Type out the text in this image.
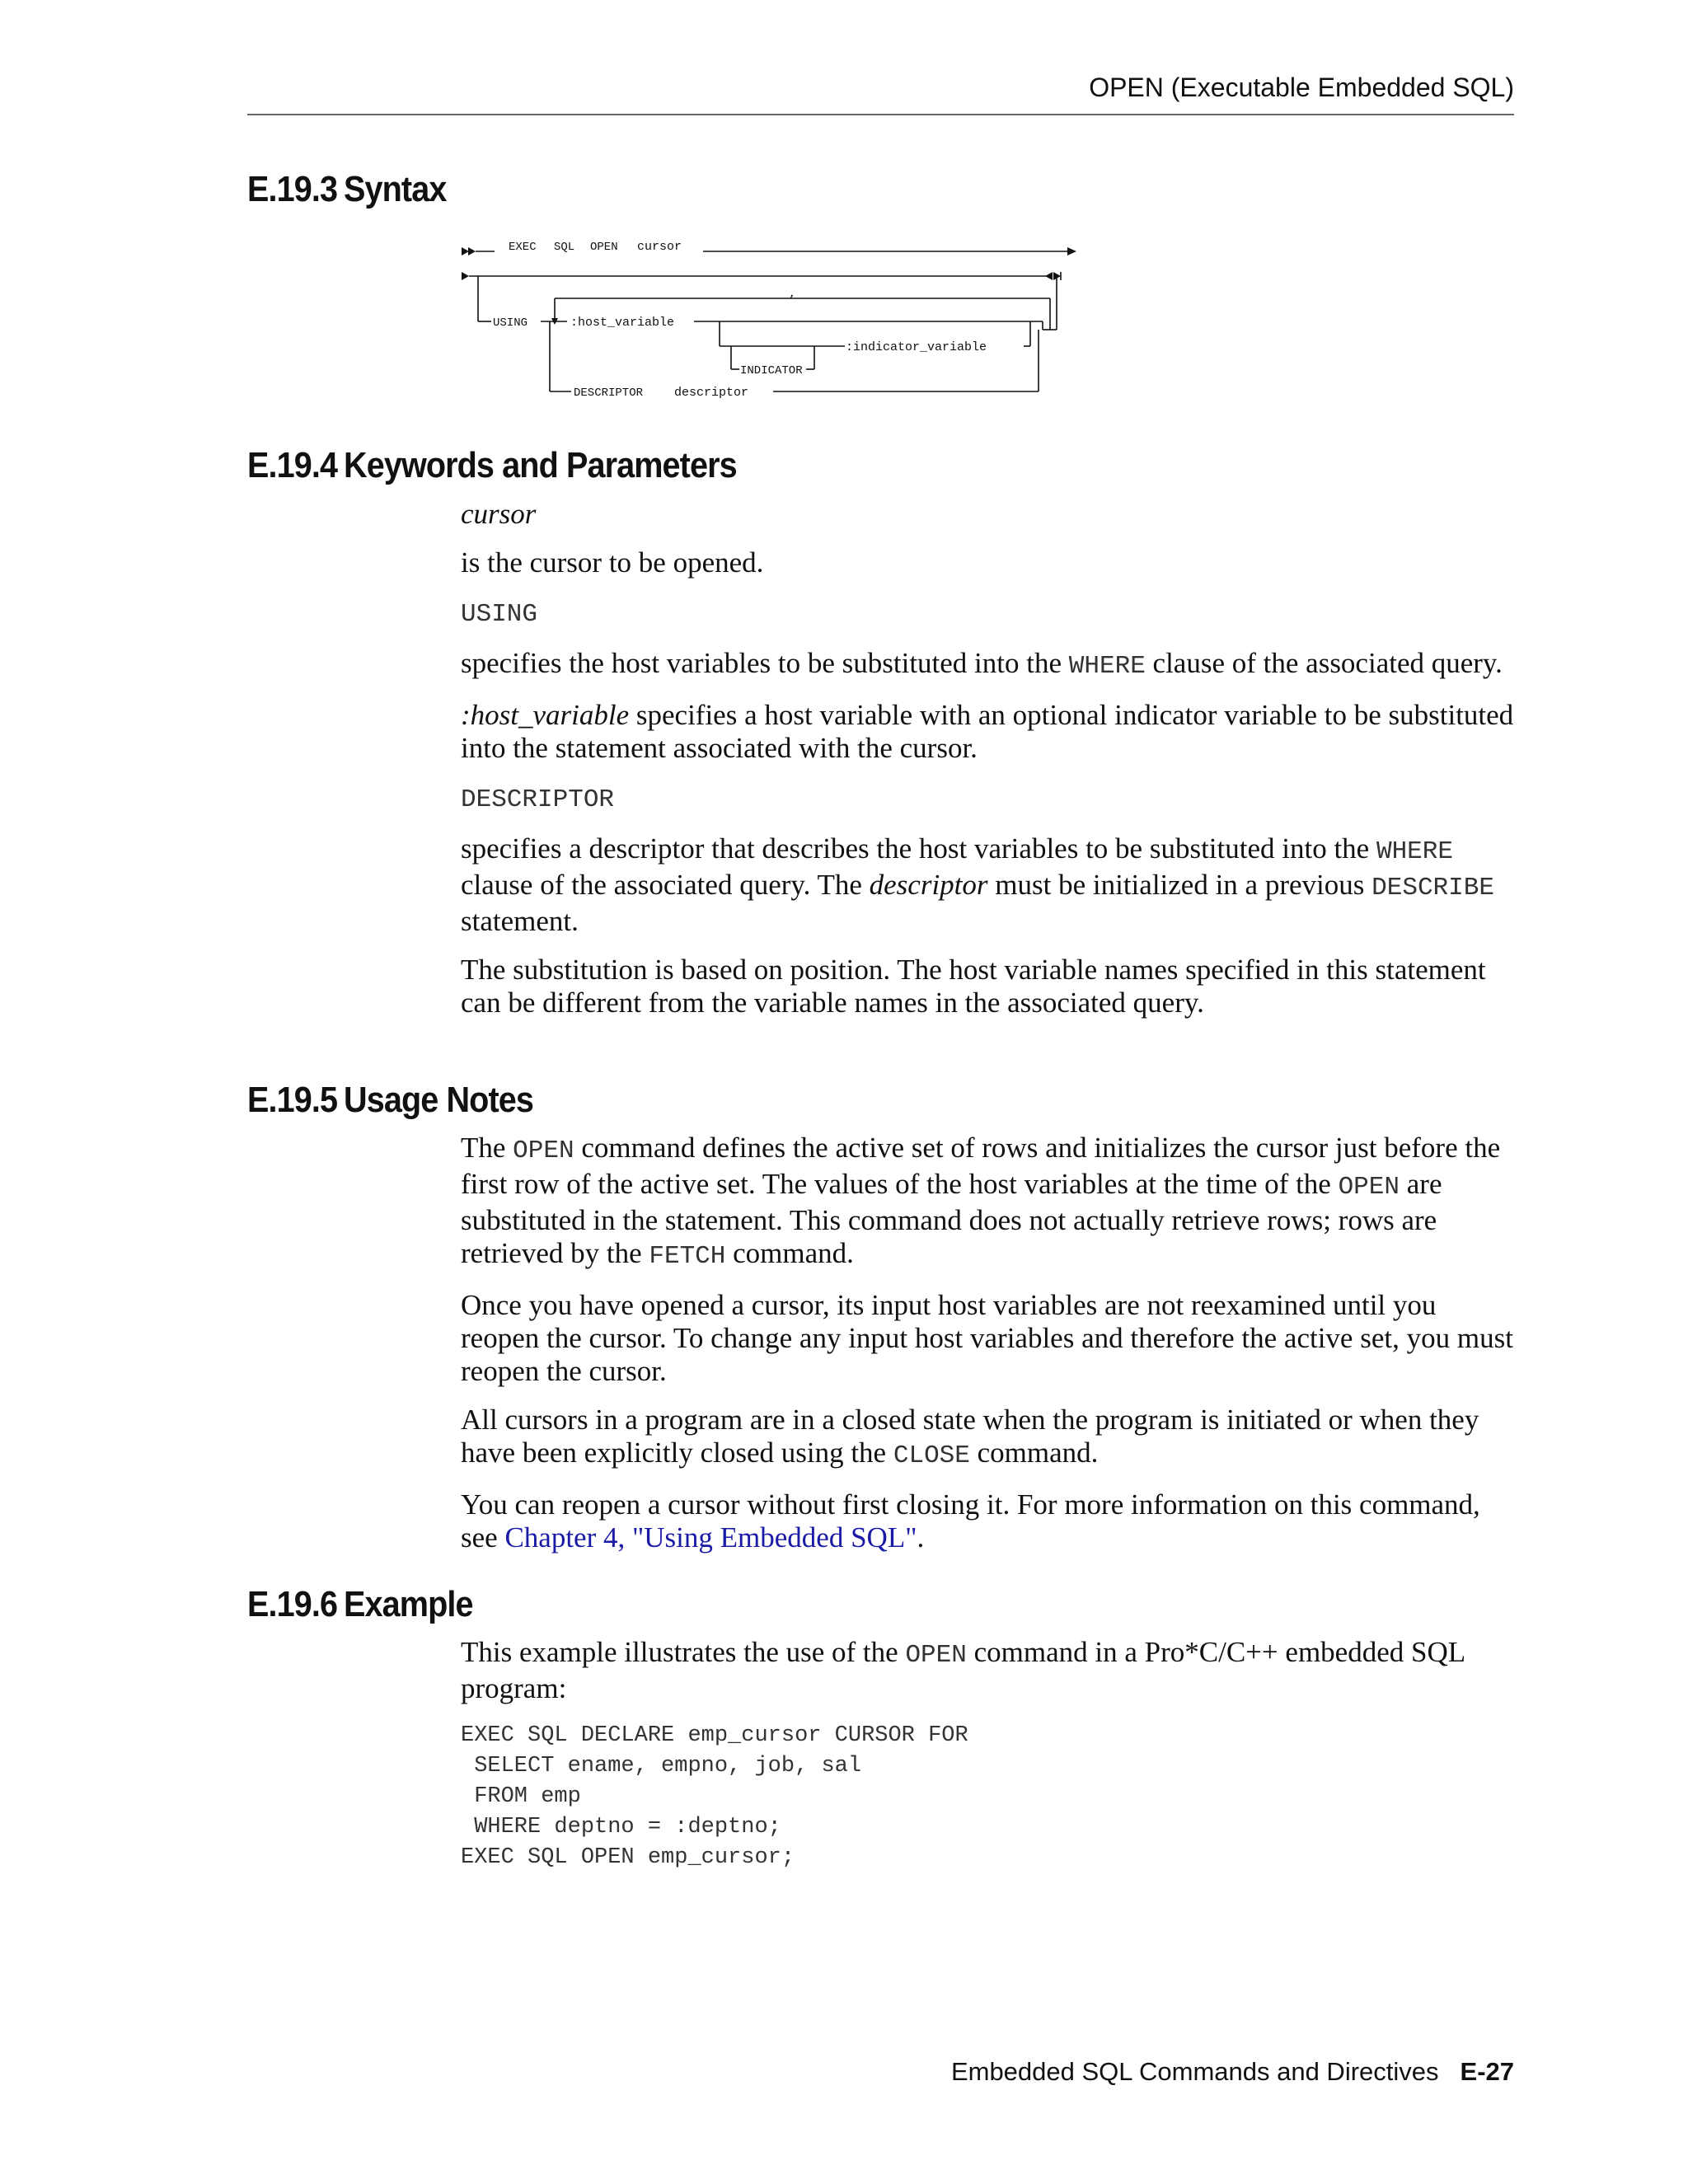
OPEN (Executable Embedded SQL)
E.19.3 Syntax
EXEC SQL OPEN cursor
USING
,
:host_variable
:indicator_variable
INDICATOR
DESCRIPTOR	descriptor
E.19.4 Keywords and Parameters

cursor

is the cursor to be opened.

USING

specifies the host variables to be substituted into the WHERE clause of the associated query.

:host_variable specifies a host variable with an optional indicator variable to be substituted into the statement associated with the cursor.

DESCRIPTOR

specifies a descriptor that describes the host variables to be substituted into the WHERE clause of the associated query. The descriptor must be initialized in a previous DESCRIBE statement.

The substitution is based on position. The host variable names specified in this statement can be different from the variable names in the associated query.

E.19.5 Usage Notes

The OPEN command defines the active set of rows and initializes the cursor just before the first row of the active set. The values of the host variables at the time of the OPEN are substituted in the statement. This command does not actually retrieve rows; rows are retrieved by the FETCH command.

Once you have opened a cursor, its input host variables are not reexamined until you reopen the cursor. To change any input host variables and therefore the active set, you must reopen the cursor.

All cursors in a program are in a closed state when the program is initiated or when they have been explicitly closed using the CLOSE command.

You can reopen a cursor without first closing it. For more information on this command, see Chapter 4, "Using Embedded SQL".

E.19.6 Example

This example illustrates the use of the OPEN command in a Pro*C/C++ embedded SQL program:

EXEC SQL DECLARE emp_cursor CURSOR FOR
SELECT ename, empno, job, sal
FROM emp
WHERE deptno = :deptno;
EXEC SQL OPEN emp_cursor;
Embedded SQL Commands and Directives E-27
